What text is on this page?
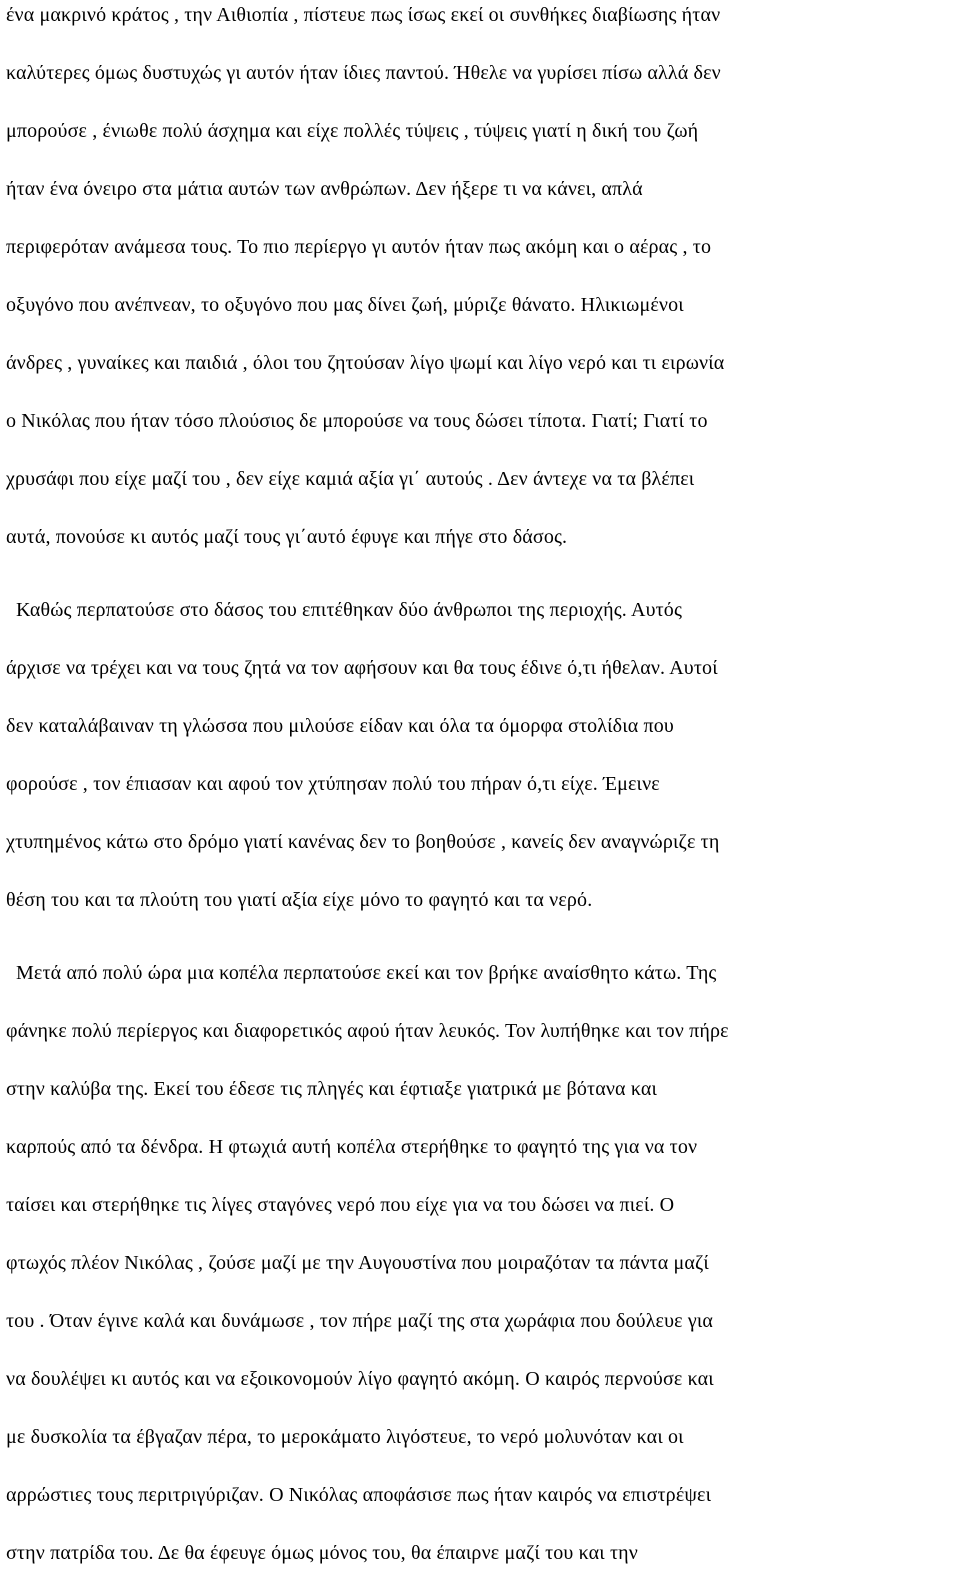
ένα μακρινό κράτος , την Αιθιοπία , πίστευε πως ίσως εκεί οι συνθήκες διαβίωσης ήταν
καλύτερες όμως δυστυχώς γι αυτόν ήταν ίδιες παντού. Ήθελε να γυρίσει πίσω αλλά δεν
μπορούσε , ένιωθε πολύ άσχημα και είχε πολλές τύψεις , τύψεις γιατί η δική του ζωή
ήταν ένα όνειρο στα μάτια αυτών των ανθρώπων. Δεν ήξερε τι να κάνει, απλά
περιφερόταν ανάμεσα τους. Το πιο περίεργο γι αυτόν ήταν πως ακόμη και ο αέρας , το
οξυγόνο που ανέπνεαν, το οξυγόνο που μας δίνει ζωή, μύριζε θάνατο. Ηλικιωμένοι
άνδρες , γυναίκες και παιδιά , όλοι του ζητούσαν λίγο ψωμί και λίγο νερό και τι ειρωνία
ο Νικόλας που ήταν τόσο πλούσιος δε μπορούσε να τους δώσει τίποτα. Γιατί; Γιατί το
χρυσάφι που είχε μαζί του , δεν είχε καμιά αξία γι΄ αυτούς . Δεν άντεχε να τα βλέπει
αυτά, πονούσε κι αυτός μαζί τους γι΄αυτό έφυγε και πήγε στο δάσος.
Καθώς περπατούσε στο δάσος του επιτέθηκαν δύο άνθρωποι της περιοχής. Αυτός
άρχισε να τρέχει και να τους ζητά να τον αφήσουν και θα τους έδινε ό,τι ήθελαν. Αυτοί
δεν καταλάβαιναν τη γλώσσα που μιλούσε είδαν και όλα τα όμορφα στολίδια που
φορούσε , τον έπιασαν και αφού τον χτύπησαν πολύ του πήραν ό,τι είχε. Έμεινε
χτυπημένος κάτω στο δρόμο γιατί κανένας δεν το βοηθούσε , κανείς δεν αναγνώριζε τη
θέση του και τα πλούτη του γιατί αξία είχε μόνο το φαγητό και τα νερό.
Μετά από πολύ ώρα μια κοπέλα περπατούσε εκεί και τον βρήκε αναίσθητο κάτω. Της
φάνηκε πολύ περίεργος και διαφορετικός αφού ήταν λευκός. Τον λυπήθηκε και τον πήρε
στην καλύβα της. Εκεί του έδεσε τις πληγές και έφτιαξε γιατρικά με βότανα και
καρπούς από τα δένδρα. Η φτωχιά αυτή κοπέλα στερήθηκε το φαγητό της για να τον
ταίσει και στερήθηκε τις λίγες σταγόνες νερό που είχε για να του δώσει να πιεί. Ο
φτωχός πλέον Νικόλας , ζούσε μαζί με την Αυγουστίνα που μοιραζόταν τα πάντα μαζί
του . Όταν έγινε καλά και δυνάμωσε , τον πήρε μαζί της στα χωράφια που δούλευε για
να δουλέψει κι αυτός και να εξοικονομούν λίγο φαγητό ακόμη. Ο καιρός περνούσε και
με δυσκολία τα έβγαζαν πέρα, το μεροκάματο λιγόστευε, το νερό μολυνόταν και οι
αρρώστιες τους περιτριγύριζαν. Ο Νικόλας αποφάσισε πως ήταν καιρός να επιστρέψει
στην πατρίδα του. Δε θα έφευγε όμως μόνος του, θα έπαιρνε μαζί του και την
